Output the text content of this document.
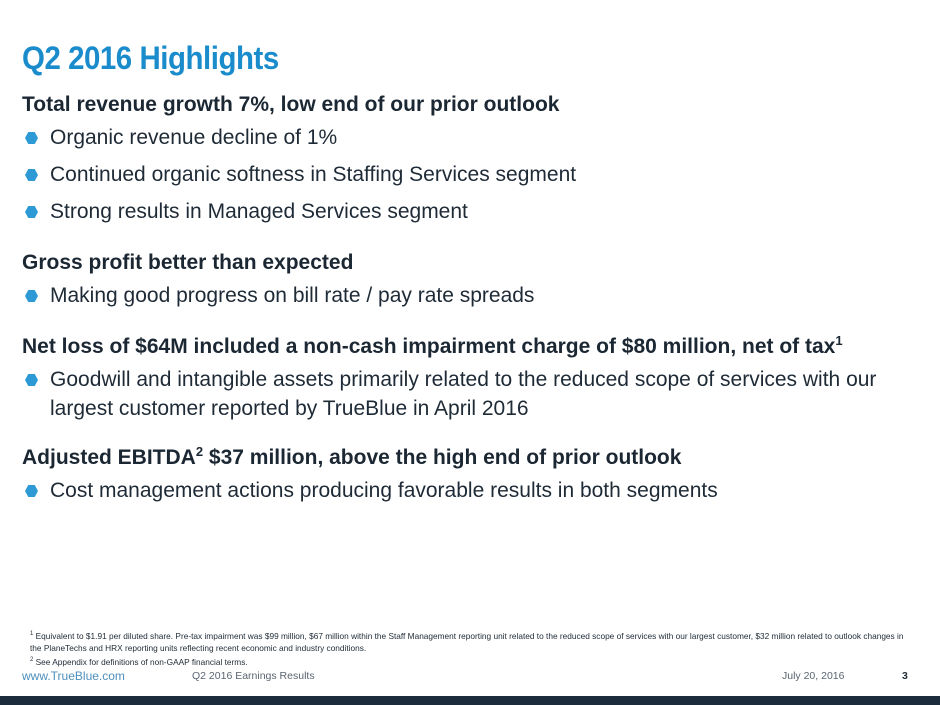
Q2 2016 Highlights

Total revenue growth 7%, low end of our prior outlook

Organic revenue decline of 1%
Continued organic softness in Staffing Services segment
Strong results in Managed Services segment

Gross profit better than expected

Making good progress on bill rate / pay rate spreads

Net loss of $64M included a non-cash impairment charge of $80 million, net of tax$^1$

Goodwill and intangible assets primarily related to the reduced scope of services with our largest customer reported by TrueBlue in April 2016

Adjusted EBITDA$^2$ $37 million, above the high end of prior outlook

Cost management actions producing favorable results in both segments

$^1$ Equivalent to $1.91 per diluted share. Pre-tax impairment was $99 million, $67 million within the Staff Management reporting unit related to the reduced scope of services with our largest customer, $32 million related to outlook changes in the PlaneTechs and HRX reporting units reflecting recent economic and industry conditions.

$^2$ See Appendix for definitions of non-GAAP financial terms.

www.TrueBlue.com	Q2 2016 Earnings Results	July 20, 2016	3
